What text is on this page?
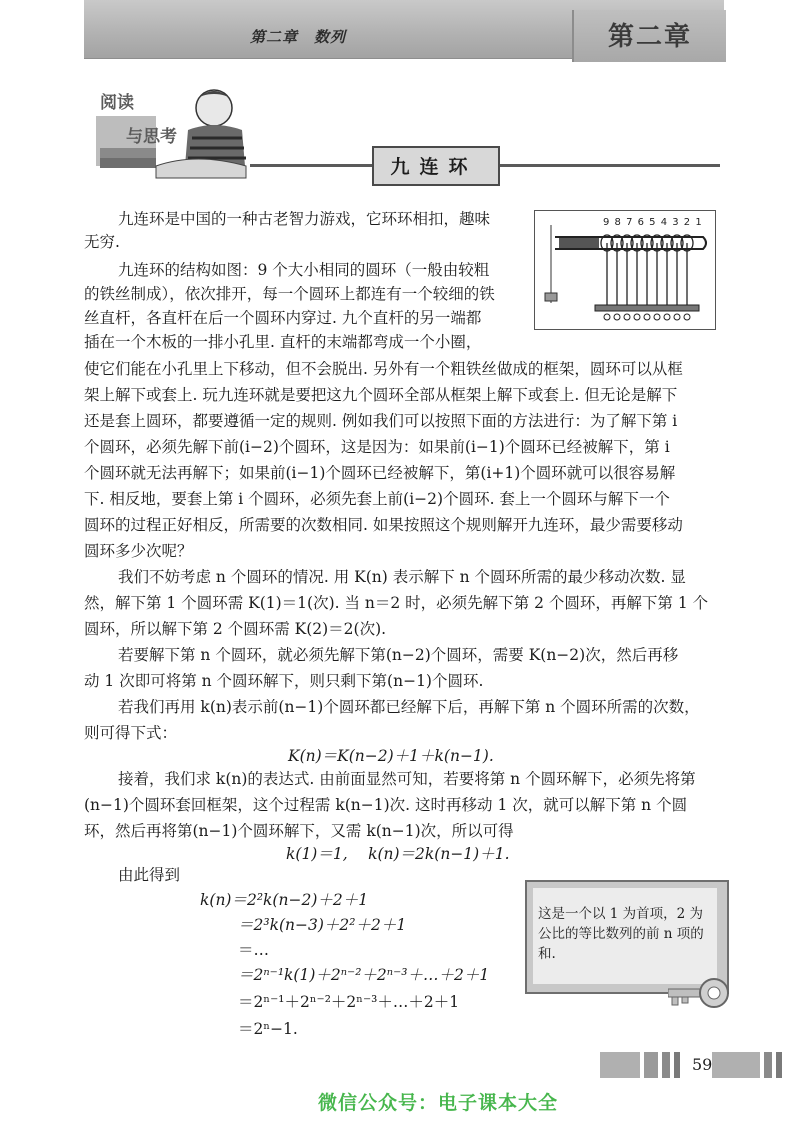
第二章　数列	第二章
阅读
与思考
九连环
9 8 7 6 5 4 3 2 1
九连环是中国的一种古老智力游戏，它环环相扣，趣味
无穷.
九连环的结构如图：9 个大小相同的圆环（一般由较粗
的铁丝制成），依次排开，每一个圆环上都连有一个较细的铁
丝直杆，各直杆在后一个圆环内穿过. 九个直杆的另一端都
插在一个木板的一排小孔里. 直杆的末端都弯成一个小圈，
使它们能在小孔里上下移动，但不会脱出. 另外有一个粗铁丝做成的框架，圆环可以从框
架上解下或套上. 玩九连环就是要把这九个圆环全部从框架上解下或套上. 但无论是解下
还是套上圆环，都要遵循一定的规则. 例如我们可以按照下面的方法进行：为了解下第 i
个圆环，必须先解下前(i−2)个圆环，这是因为：如果前(i−1)个圆环已经被解下，第 i
个圆环就无法再解下；如果前(i−1)个圆环已经被解下，第(i+1)个圆环就可以很容易解
下. 相反地，要套上第 i 个圆环，必须先套上前(i−2)个圆环. 套上一个圆环与解下一个
圆环的过程正好相反，所需要的次数相同. 如果按照这个规则解开九连环，最少需要移动
圆环多少次呢？
我们不妨考虑 n 个圆环的情况. 用 K(n) 表示解下 n 个圆环所需的最少移动次数. 显
然，解下第 1 个圆环需 K(1)＝1(次). 当 n＝2 时，必须先解下第 2 个圆环，再解下第 1 个
圆环，所以解下第 2 个圆环需 K(2)＝2(次).
若要解下第 n 个圆环，就必须先解下第(n−2)个圆环，需要 K(n−2)次，然后再移
动 1 次即可将第 n 个圆环解下，则只剩下第(n−1)个圆环.
若我们再用 k(n)表示前(n−1)个圆环都已经解下后，再解下第 n 个圆环所需的次数，
则可得下式：
K(n)＝K(n−2)＋1＋k(n−1).
接着，我们求 k(n)的表达式. 由前面显然可知，若要将第 n 个圆环解下，必须先将第
(n−1)个圆环套回框架，这个过程需 k(n−1)次. 这时再移动 1 次，就可以解下第 n 个圆
环，然后再将第(n−1)个圆环解下，又需 k(n−1)次，所以可得
k(1)＝1,　 k(n)＝2k(n−1)＋1.
由此得到
k(n)＝2²k(n−2)＋2＋1
＝2³k(n−3)＋2²＋2＋1
＝…
＝2ⁿ⁻¹k(1)＋2ⁿ⁻²＋2ⁿ⁻³＋…＋2＋1
＝2ⁿ⁻¹＋2ⁿ⁻²＋2ⁿ⁻³＋…＋2＋1
＝2ⁿ−1.
这是一个以 1 为首项，2 为公比的等比数列的前 n 项的和.
59
微信公众号：电子课本大全
